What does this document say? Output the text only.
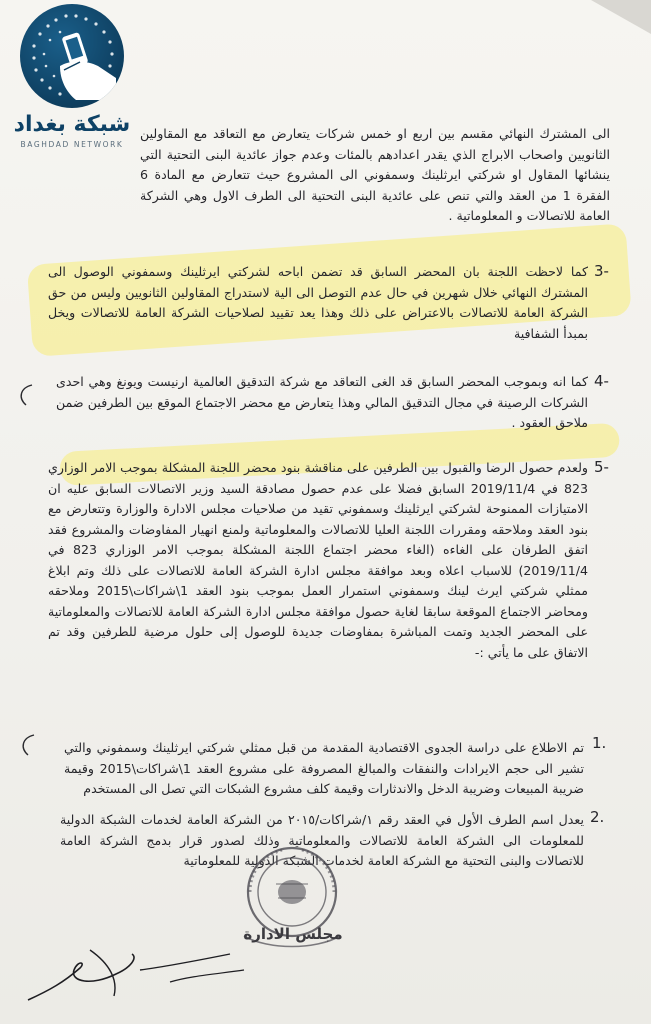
شبكة بغداد
BAGHDAD NETWORK

الى المشترك النهائي مقسم بين اربع او خمس شركات يتعارض مع التعاقد مع المقاولين الثانويين واصحاب الابراج الذي يقدر اعدادهم بالمئات وعدم جواز عائدية البنى التحتية التي ينشائها المقاول او شركتي ايرثلينك وسمفوني الى المشروع حيث تتعارض مع المادة 6 الفقرة 1 من العقد والتي تنص على عائدية البنى التحتية الى الطرف الاول وهي الشركة العامة للاتصالات و المعلوماتية .

3-

كما لاحظت اللجنة بان المحضر السابق قد تضمن اباحه لشركتي ايرثلينك وسمفوني الوصول الى المشترك النهائي خلال شهرين في حال عدم التوصل الى الية لاستدراج المقاولين الثانويين وليس من حق الشركة العامة للاتصالات بالاعتراض على ذلك وهذا يعد تقييد لصلاحيات الشركة العامة للاتصالات ويخل بمبدأ الشفافية

4-

كما انه وبموجب المحضر السابق قد الغى التعاقد مع شركة التدقيق العالمية ارنيست ويونغ وهي احدى الشركات الرصينة في مجال التدقيق المالي وهذا يتعارض مع محضر الاجتماع الموقع بين الطرفين ضمن ملاحق العقود .

5-

ولعدم حصول الرضا والقبول بين الطرفين على مناقشة بنود محضر اللجنة المشكلة بموجب الامر الوزاري 823 في 2019/11/4 السابق فضلا على عدم حصول مصادقة السيد وزير الاتصالات السابق عليه ان الامتيازات الممنوحة لشركتي ايرثلينك وسمفوني تقيد من صلاحيات مجلس الادارة والوزارة وتتعارض مع بنود العقد وملاحقه ومقررات اللجنة العليا للاتصالات والمعلوماتية ولمنع انهيار المفاوضات والمشروع فقد اتفق الطرفان على الغاءه (الغاء محضر اجتماع اللجنة المشكلة بموجب الامر الوزاري 823 في 2019/11/4) للاسباب اعلاه وبعد موافقة مجلس ادارة الشركة العامة للاتصالات على ذلك وتم ابلاغ ممثلي شركتي ايرث لينك وسمفوني استمرار العمل بموجب بنود العقد 1\شراكات\2015 وملاحقه ومحاضر الاجتماع الموقعة سابقا لغاية حصول موافقة مجلس ادارة الشركة العامة للاتصالات والمعلوماتية على المحضر الجديد وتمت المباشرة بمفاوضات جديدة للوصول إلى حلول مرضية للطرفين وقد تم الاتفاق على ما يأتي :-

1.

تم الاطلاع على دراسة الجدوى الاقتصادية المقدمة من قبل ممثلي شركتي ايرثلينك وسمفوني والتي تشير الى حجم الايرادات والنفقات والمبالغ المصروفة على مشروع العقد 1\شراكات\2015 وقيمة ضريبة المبيعات وضريبة الدخل والاندثارات وقيمة كلف مشروع الشبكات التي تصل الى المستخدم

2.

يعدل اسم الطرف الأول في العقد رقم ١/شراكات/٢٠١٥ من الشركة العامة لخدمات الشبكة الدولية للمعلومات الى الشركة العامة للاتصالات والمعلوماتية وذلك لصدور قرار بدمج الشركة العامة للاتصالات والبنى التحتية مع الشركة العامة لخدمات الشبكة الدولية للمعلوماتية

مجلس الادارة
